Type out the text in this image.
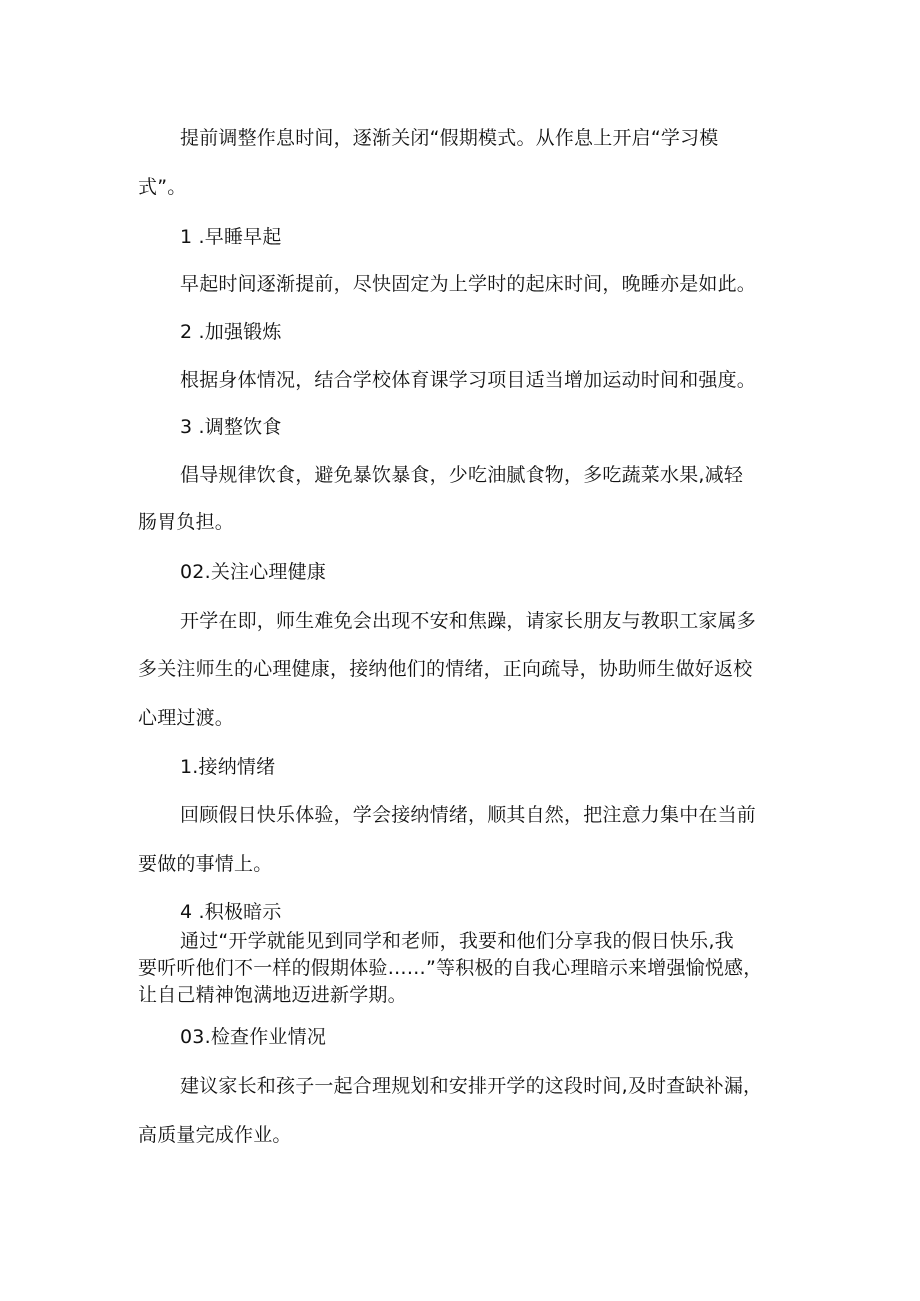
提前调整作息时间，逐渐关闭“假期模式。从作息上开启“学习模
式”。
1 .早睡早起
早起时间逐渐提前，尽快固定为上学时的起床时间，晚睡亦是如此。
2 .加强锻炼
根据身体情况，结合学校体育课学习项目适当增加运动时间和强度。
3 .调整饮食
倡导规律饮食，避免暴饮暴食，少吃油腻食物，多吃蔬菜水果,减轻
肠胃负担。
02.关注心理健康
开学在即，师生难免会出现不安和焦躁，请家长朋友与教职工家属多
多关注师生的心理健康，接纳他们的情绪，正向疏导，协助师生做好返校
心理过渡。
1.接纳情绪
回顾假日快乐体验，学会接纳情绪，顺其自然，把注意力集中在当前
要做的事情上。
4 .积极暗示
通过“开学就能见到同学和老师，我要和他们分享我的假日快乐,我
要听听他们不一样的假期体验……”等积极的自我心理暗示来增强愉悦感，
让自己精神饱满地迈进新学期。
03.检查作业情况
建议家长和孩子一起合理规划和安排开学的这段时间,及时查缺补漏，
高质量完成作业。
